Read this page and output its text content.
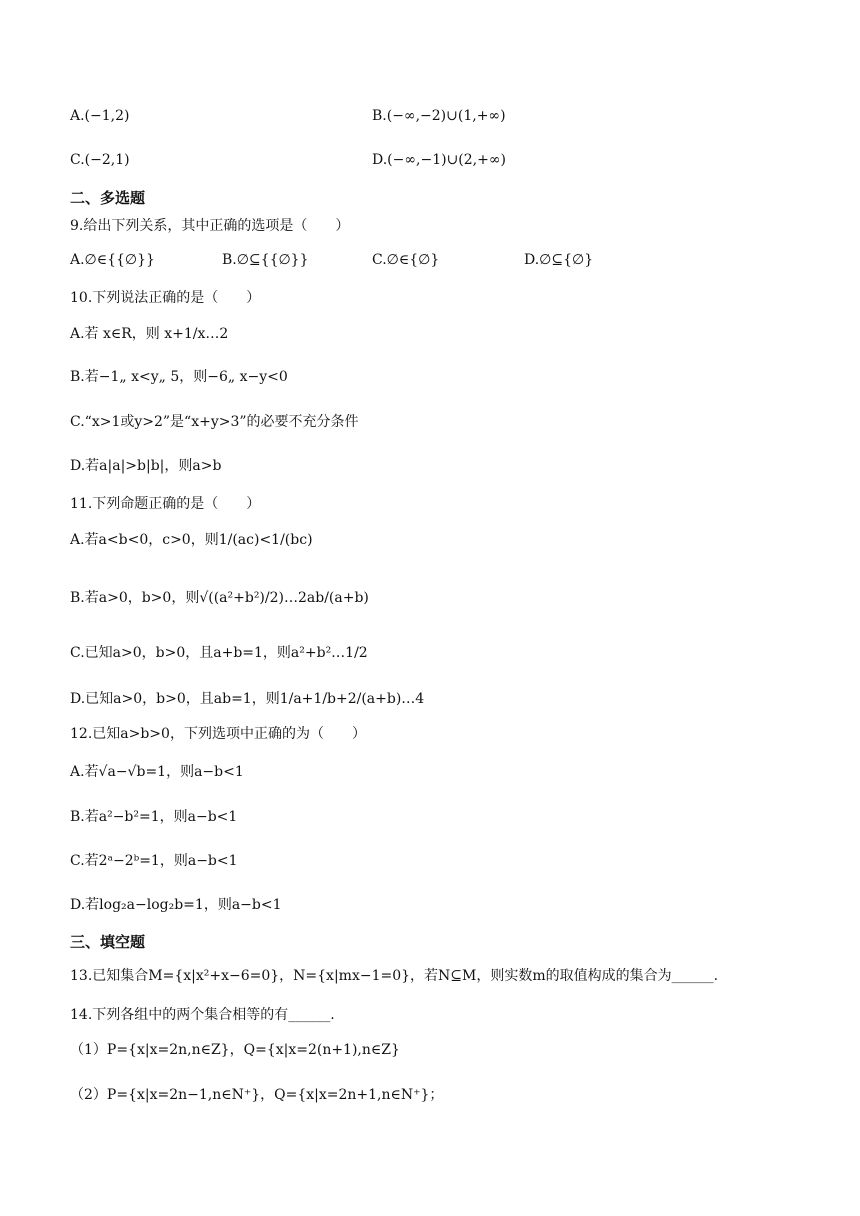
A.(−1,2)	B.(−∞,−2)∪(1,+∞)
C.(−2,1)	D.(−∞,−1)∪(2,+∞)
二、多选题
9.给出下列关系，其中正确的选项是（　　）
A.∅∈{{∅}}	B.∅⊆{{∅}}	C.∅∈{∅}	D.∅⊆{∅}
10.下列说法正确的是（　　）
A.若 x∈R，则 x+1/x…2
B.若−1„ x<y„ 5，则−6„ x−y<0
C.“x>1或y>2”是“x+y>3”的必要不充分条件
D.若a|a|>b|b|，则a>b
11.下列命题正确的是（　　）
A.若a<b<0，c>0，则1/(ac)<1/(bc)
B.若a>0，b>0，则√((a²+b²)/2)…2ab/(a+b)
C.已知a>0，b>0，且a+b=1，则a²+b²…1/2
D.已知a>0，b>0，且ab=1，则1/a+1/b+2/(a+b)…4
12.已知a>b>0，下列选项中正确的为（　　）
A.若√a−√b=1，则a−b<1
B.若a²−b²=1，则a−b<1
C.若2ᵃ−2ᵇ=1，则a−b<1
D.若log₂a−log₂b=1，则a−b<1
三、填空题
13.已知集合M={x|x²+x−6=0}，N={x|mx−1=0}，若N⊆M，则实数m的取值构成的集合为______.
14.下列各组中的两个集合相等的有______.
（1）P={x|x=2n,n∈Z}，Q={x|x=2(n+1),n∈Z}
（2）P={x|x=2n−1,n∈N⁺}，Q={x|x=2n+1,n∈N⁺}；
